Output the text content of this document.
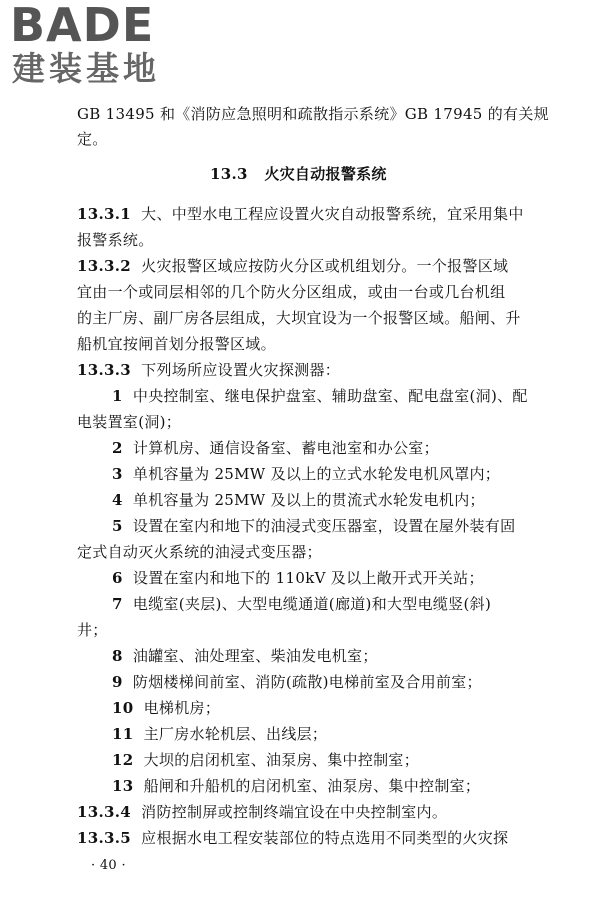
BADE
建装基地
GB 13495 和《消防应急照明和疏散指示系统》GB 17945 的有关规
定。
13.3 火灾自动报警系统
13.3.1 大、中型水电工程应设置火灾自动报警系统，宜采用集中
报警系统。
13.3.2 火灾报警区域应按防火分区或机组划分。一个报警区域
宜由一个或同层相邻的几个防火分区组成，或由一台或几台机组
的主厂房、副厂房各层组成，大坝宜设为一个报警区域。船闸、升
船机宜按闸首划分报警区域。
13.3.3 下列场所应设置火灾探测器：
1 中央控制室、继电保护盘室、辅助盘室、配电盘室(洞)、配
电装置室(洞)；
2 计算机房、通信设备室、蓄电池室和办公室；
3 单机容量为 25MW 及以上的立式水轮发电机风罩内；
4 单机容量为 25MW 及以上的贯流式水轮发电机内；
5 设置在室内和地下的油浸式变压器室，设置在屋外装有固
定式自动灭火系统的油浸式变压器；
6 设置在室内和地下的 110kV 及以上敞开式开关站；
7 电缆室(夹层)、大型电缆通道(廊道)和大型电缆竖(斜)
井；
8 油罐室、油处理室、柴油发电机室；
9 防烟楼梯间前室、消防(疏散)电梯前室及合用前室；
10 电梯机房；
11 主厂房水轮机层、出线层；
12 大坝的启闭机室、油泵房、集中控制室；
13 船闸和升船机的启闭机室、油泵房、集中控制室；
13.3.4 消防控制屏或控制终端宜设在中央控制室内。
13.3.5 应根据水电工程安装部位的特点选用不同类型的火灾探
· 40 ·
